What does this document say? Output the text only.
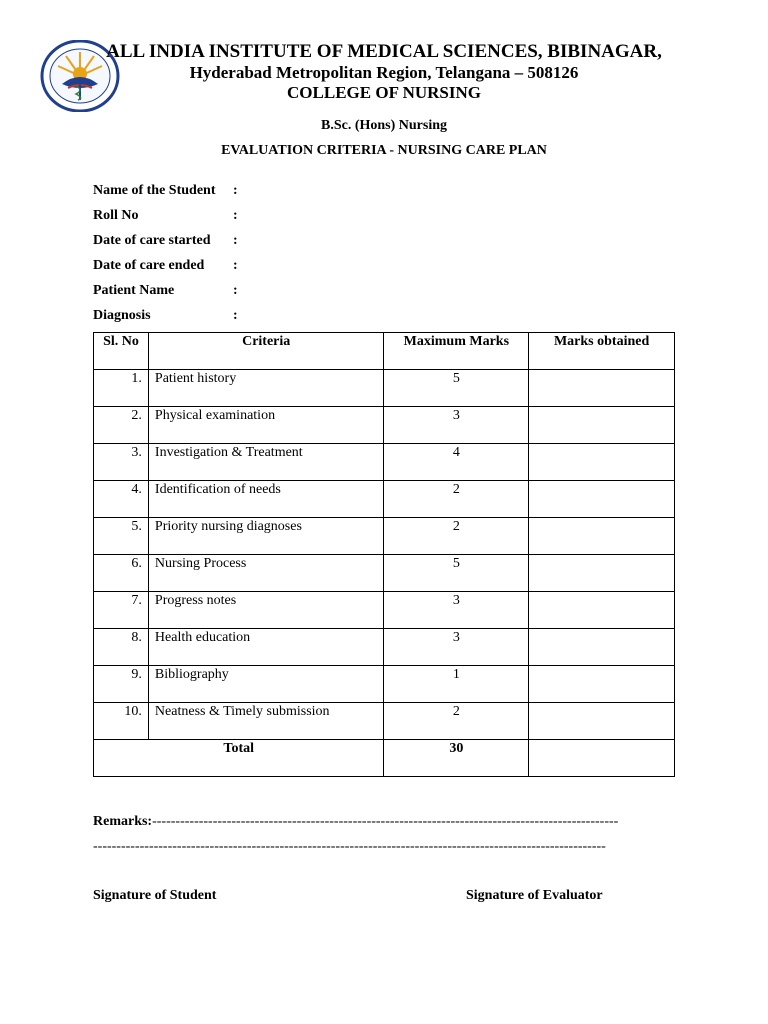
ALL INDIA INSTITUTE OF MEDICAL SCIENCES, BIBINAGAR,
Hyderabad Metropolitan Region, Telangana – 508126
COLLEGE OF NURSING
B.Sc. (Hons) Nursing
EVALUATION CRITERIA - NURSING CARE PLAN
Name of the Student :
Roll No	:
Date of care started :
Date of care ended :
Patient Name	:
Diagnosis	:
Sl. No	Criteria	Maximum Marks	Marks obtained
1.	Patient history	5	
2.	Physical examination	3	
3.	Investigation & Treatment	4	
4.	Identification of needs	2	
5.	Priority nursing diagnoses	2	
6.	Nursing Process	5	
7.	Progress notes	3	
8.	Health education	3	
9.	Bibliography	1	
10.	Neatness & Timely submission	2	
Total		30	
Remarks:----------------------------------------------------------------------------------------------------
--------------------------------------------------------------------------------------------------------------
Signature of Student	Signature of Evaluator
